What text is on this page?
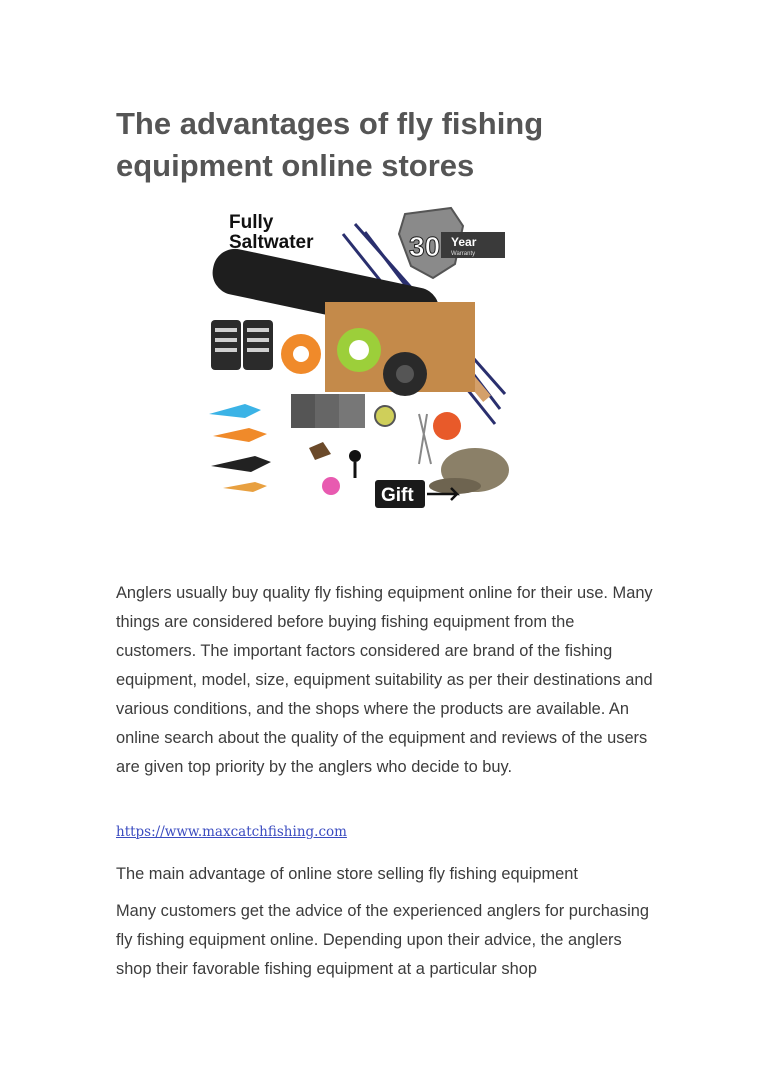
The advantages of fly fishing equipment online stores
Fully
Saltwater	30 Year
Warranty
Gift

Anglers usually buy quality fly fishing equipment online for their use. Many things are considered before buying fishing equipment from the customers. The important factors considered are brand of the fishing equipment, model, size, equipment suitability as per their destinations and various conditions, and the shops where the products are available. An online search about the quality of the equipment and reviews of the users are given top priority by the anglers who decide to buy.

https://www.maxcatchfishing.com

The main advantage of online store selling fly fishing equipment

Many customers get the advice of the experienced anglers for purchasing fly fishing equipment online. Depending upon their advice, the anglers shop their favorable fishing equipment at a particular shop
